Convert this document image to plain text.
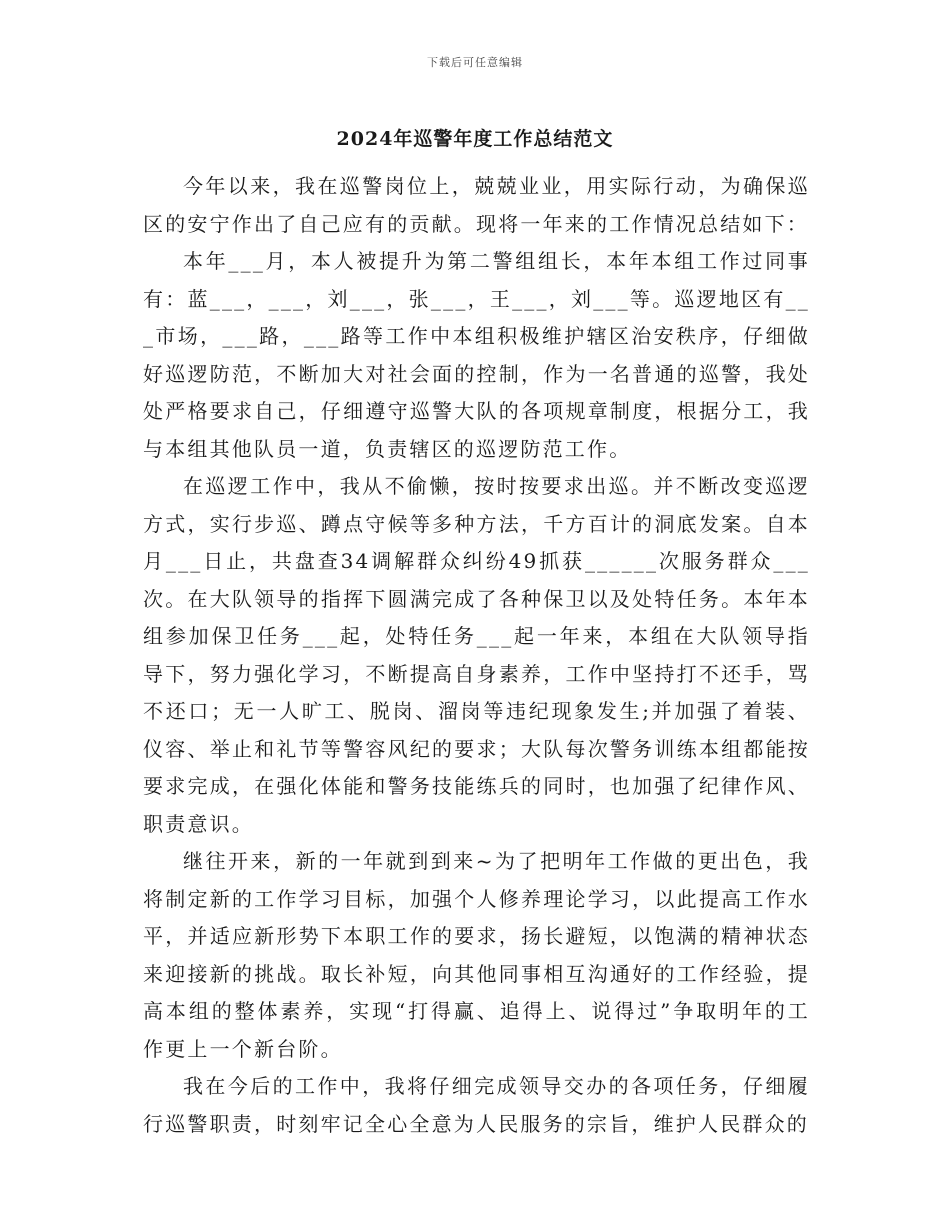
下载后可任意编辑
2024年巡警年度工作总结范文

今年以来，我在巡警岗位上，兢兢业业，用实际行动，为确保巡区的安宁作出了自己应有的贡献。现将一年来的工作情况总结如下：

本年___月，本人被提升为第二警组组长，本年本组工作过同事有：蓝___，___，刘___，张___，王___，刘___等。巡逻地区有___市场，___路，___路等工作中本组积极维护辖区治安秩序，仔细做好巡逻防范，不断加大对社会面的控制，作为一名普通的巡警，我处处严格要求自己，仔细遵守巡警大队的各项规章制度，根据分工，我与本组其他队员一道，负责辖区的巡逻防范工作。

在巡逻工作中，我从不偷懒，按时按要求出巡。并不断改变巡逻方式，实行步巡、蹲点守候等多种方法，千方百计的洞底发案。自本月___日止，共盘查34调解群众纠纷49抓获______次服务群众___次。在大队领导的指挥下圆满完成了各种保卫以及处特任务。本年本组参加保卫任务___起，处特任务___起一年来，本组在大队领导指导下，努力强化学习，不断提高自身素养，工作中坚持打不还手，骂不还口；无一人旷工、脱岗、溜岗等违纪现象发生;并加强了着装、仪容、举止和礼节等警容风纪的要求；大队每次警务训练本组都能按要求完成，在强化体能和警务技能练兵的同时，也加强了纪律作风、职责意识。

继往开来，新的一年就到到来~为了把明年工作做的更出色，我将制定新的工作学习目标，加强个人修养理论学习，以此提高工作水平，并适应新形势下本职工作的要求，扬长避短，以饱满的精神状态来迎接新的挑战。取长补短，向其他同事相互沟通好的工作经验，提高本组的整体素养，实现“打得赢、追得上、说得过”争取明年的工作更上一个新台阶。

我在今后的工作中，我将仔细完成领导交办的各项任务，仔细履行巡警职责，时刻牢记全心全意为人民服务的宗旨，维护人民群众的
